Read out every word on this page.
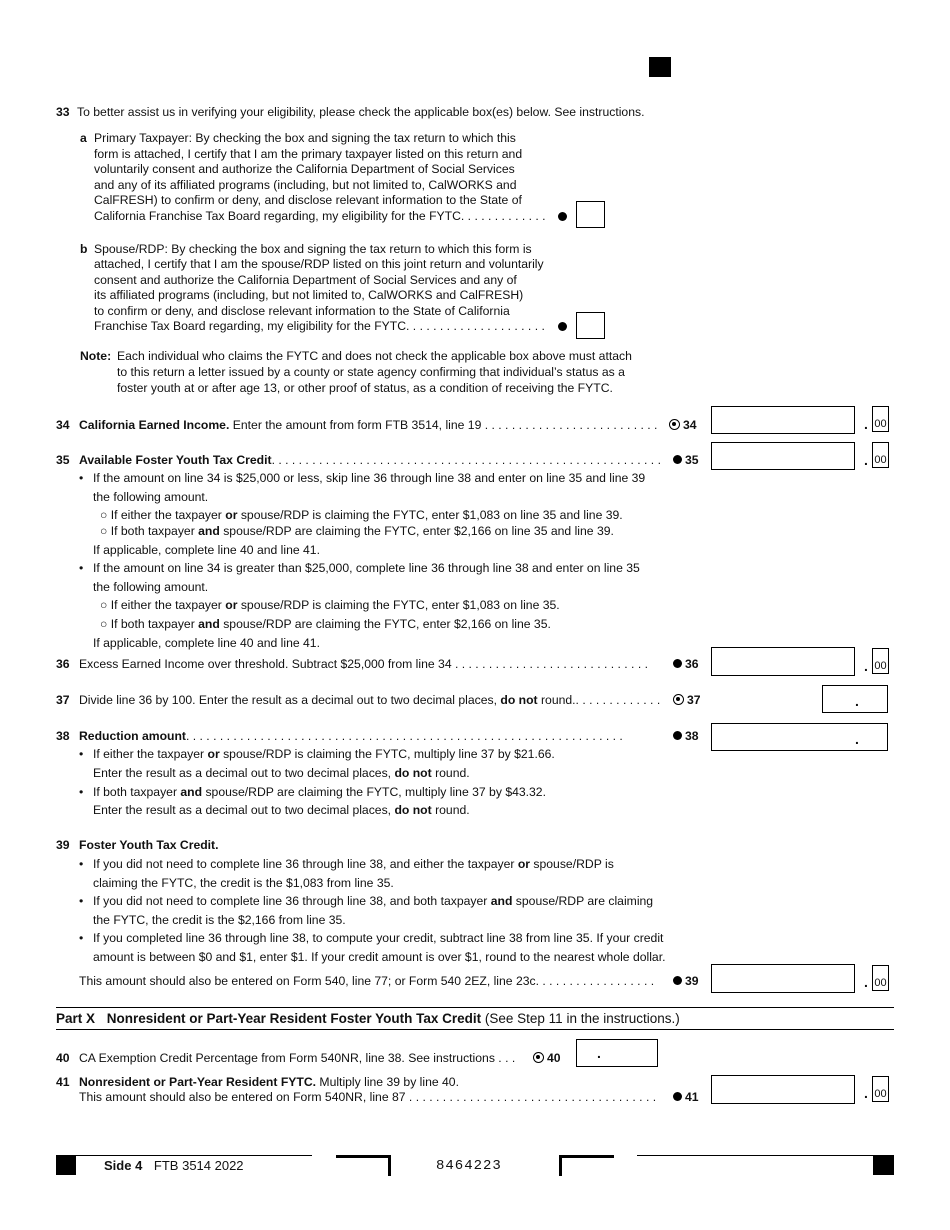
33 To better assist us in verifying your eligibility, please check the applicable box(es) below. See instructions.
a Primary Taxpayer: By checking the box and signing the tax return to which this
form is attached, I certify that I am the primary taxpayer listed on this return and
voluntarily consent and authorize the California Department of Social Services
and any of its affiliated programs (including, but not limited to, CalWORKS and
CalFRESH) to confirm or deny, and disclose relevant information to the State of
California Franchise Tax Board regarding, my eligibility for the FYTC. . . . . . . . . . . . .
b Spouse/RDP: By checking the box and signing the tax return to which this form is
attached, I certify that I am the spouse/RDP listed on this joint return and voluntarily
consent and authorize the California Department of Social Services and any of
its affiliated programs (including, but not limited to, CalWORKS and CalFRESH)
to confirm or deny, and disclose relevant information to the State of California
Franchise Tax Board regarding, my eligibility for the FYTC. . . . . . . . . . . . . . . . . . . . .
Note: Each individual who claims the FYTC and does not check the applicable box above must attach
to this return a letter issued by a county or state agency confirming that individual’s status as a
foster youth at or after age 13, or other proof of status, as a condition of receiving the FYTC.
34 California Earned Income. Enter the amount from form FTB 3514, line 19 . . . . . . . . . . . . . . . . . . . . . . . . . .	34	. 00
35 Available Foster Youth Tax Credit. . . . . . . . . . . . . . . . . . . . . . . . . . . . . . . . . . . . . . . . . . . . . . . . . . . . . . . . . .	35	. 00
• If the amount on line 34 is $25,000 or less, skip line 36 through line 38 and enter on line 35 and line 39
the following amount.
○ If either the taxpayer or spouse/RDP is claiming the FYTC, enter $1,083 on line 35 and line 39.
○ If both taxpayer and spouse/RDP are claiming the FYTC, enter $2,166 on line 35 and line 39.
If applicable, complete line 40 and line 41.
• If the amount on line 34 is greater than $25,000, complete line 36 through line 38 and enter on line 35
the following amount.
○ If either the taxpayer or spouse/RDP is claiming the FYTC, enter $1,083 on line 35.
○ If both taxpayer and spouse/RDP are claiming the FYTC, enter $2,166 on line 35.
If applicable, complete line 40 and line 41.
36 Excess Earned Income over threshold. Subtract $25,000 from line 34 . . . . . . . . . . . . . . . . . . . . . . . . . . . . .	36	. 00
37 Divide line 36 by 100. Enter the result as a decimal out to two decimal places, do not round.. . . . . . . . . . . . .	37	.
38 Reduction amount. . . . . . . . . . . . . . . . . . . . . . . . . . . . . . . . . . . . . . . . . . . . . . . . . . . . . . . . . . . . . . . . .	38	.
• If either the taxpayer or spouse/RDP is claiming the FYTC, multiply line 37 by $21.66.
Enter the result as a decimal out to two decimal places, do not round.
• If both taxpayer and spouse/RDP are claiming the FYTC, multiply line 37 by $43.32.
Enter the result as a decimal out to two decimal places, do not round.
39 Foster Youth Tax Credit.
• If you did not need to complete line 36 through line 38, and either the taxpayer or spouse/RDP is
claiming the FYTC, the credit is the $1,083 from line 35.
• If you did not need to complete line 36 through line 38, and both taxpayer and spouse/RDP are claiming
the FYTC, the credit is the $2,166 from line 35.
• If you completed line 36 through line 38, to compute your credit, subtract line 38 from line 35. If your credit
amount is between $0 and $1, enter $1. If your credit amount is over $1, round to the nearest whole dollar.
This amount should also be entered on Form 540, line 77; or Form 540 2EZ, line 23c. . . . . . . . . . . . . . . . . .	39	. 00
Part X Nonresident or Part-Year Resident Foster Youth Tax Credit (See Step 11 in the instructions.)
40 CA Exemption Credit Percentage from Form 540NR, line 38. See instructions . . .	40	.
41 Nonresident or Part-Year Resident FYTC. Multiply line 39 by line 40.
This amount should also be entered on Form 540NR, line 87 . . . . . . . . . . . . . . . . . . . . . . . . . . . . . . . . . . . . .	41	. 00
Side 4 FTB 3514 2022	8464223
